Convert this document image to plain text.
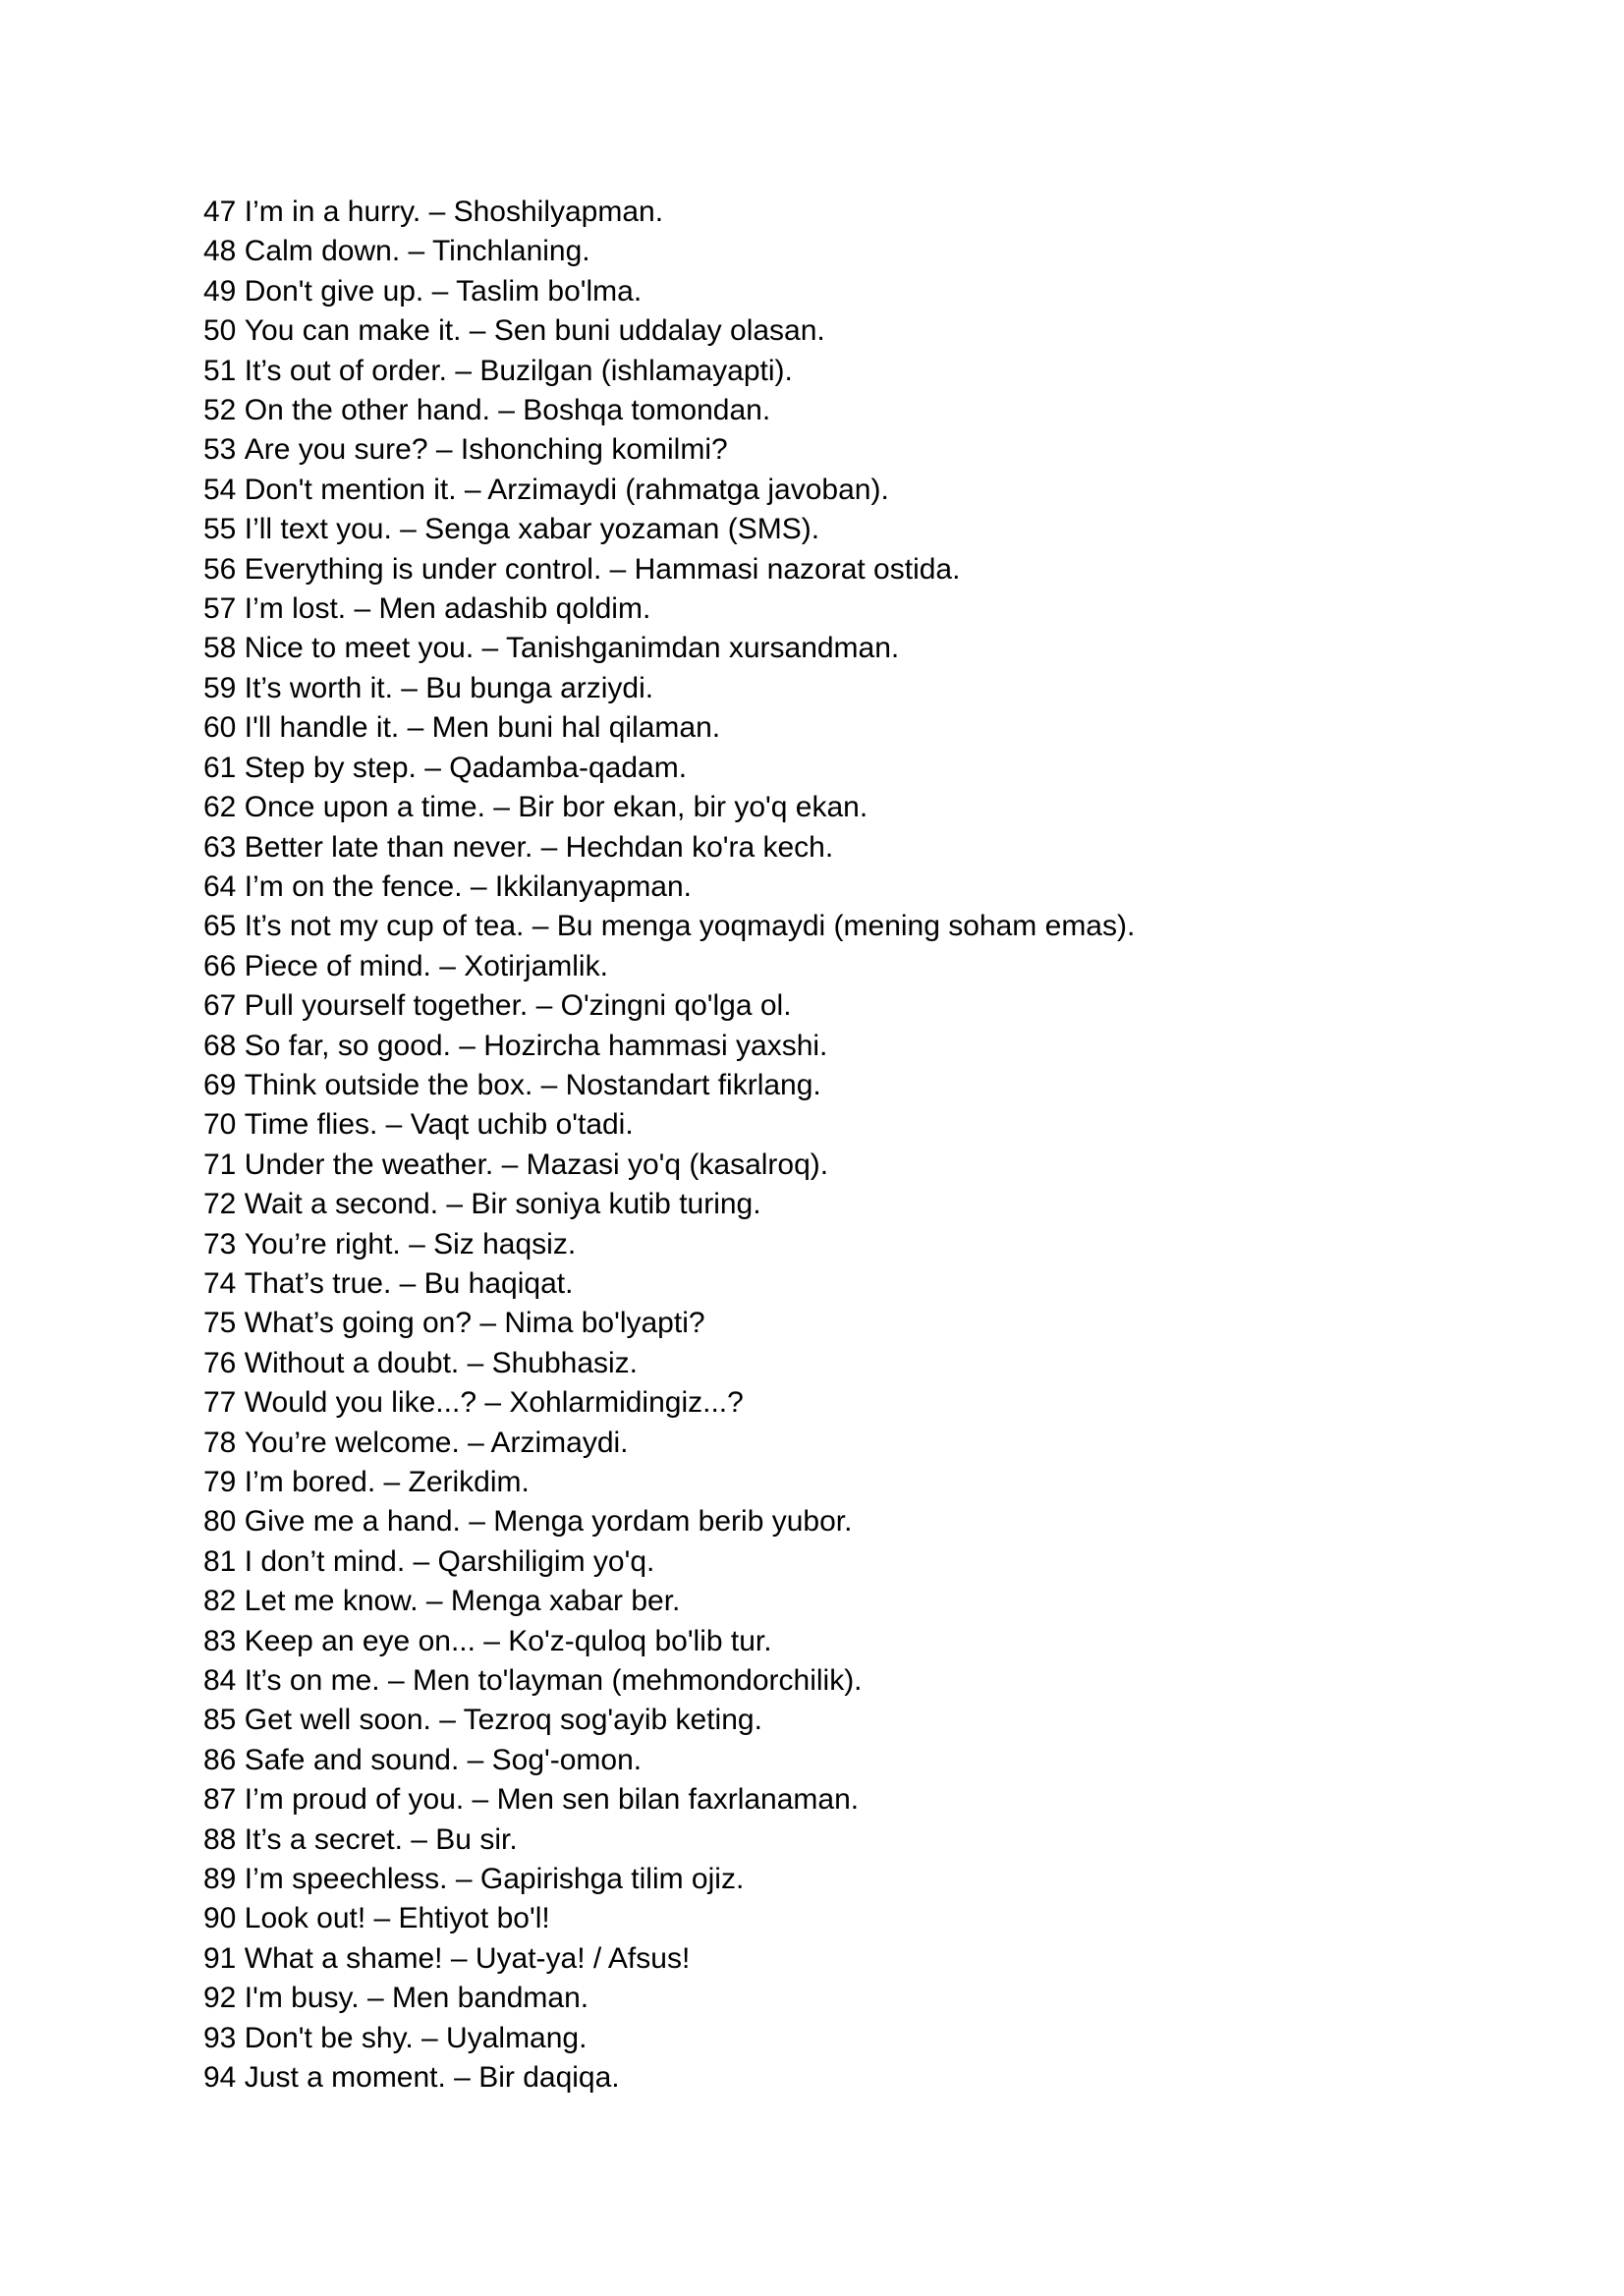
47 I’m in a hurry. – Shoshilyapman.
48 Calm down. – Tinchlaning.
49 Don't give up. – Taslim bo'lma.
50 You can make it. – Sen buni uddalay olasan.
51 It’s out of order. – Buzilgan (ishlamayapti).
52 On the other hand. – Boshqa tomondan.
53 Are you sure? – Ishonching komilmi?
54 Don't mention it. – Arzimaydi (rahmatga javoban).
55 I’ll text you. – Senga xabar yozaman (SMS).
56 Everything is under control. – Hammasi nazorat ostida.
57 I’m lost. – Men adashib qoldim.
58 Nice to meet you. – Tanishganimdan xursandman.
59 It’s worth it. – Bu bunga arziydi.
60 I'll handle it. – Men buni hal qilaman.
61 Step by step. – Qadamba-qadam.
62 Once upon a time. – Bir bor ekan, bir yo'q ekan.
63 Better late than never. – Hechdan ko'ra kech.
64 I’m on the fence. – Ikkilanyapman.
65 It’s not my cup of tea. – Bu menga yoqmaydi (mening soham emas).
66 Piece of mind. – Xotirjamlik.
67 Pull yourself together. – O'zingni qo'lga ol.
68 So far, so good. – Hozircha hammasi yaxshi.
69 Think outside the box. – Nostandart fikrlang.
70 Time flies. – Vaqt uchib o'tadi.
71 Under the weather. – Mazasi yo'q (kasalroq).
72 Wait a second. – Bir soniya kutib turing.
73 You’re right. – Siz haqsiz.
74 That’s true. – Bu haqiqat.
75 What’s going on? – Nima bo'lyapti?
76 Without a doubt. – Shubhasiz.
77 Would you like...? – Xohlarmidingiz...?
78 You’re welcome. – Arzimaydi.
79 I’m bored. – Zerikdim.
80 Give me a hand. – Menga yordam berib yubor.
81 I don’t mind. – Qarshiligim yo'q.
82 Let me know. – Menga xabar ber.
83 Keep an eye on... – Ko'z-quloq bo'lib tur.
84 It’s on me. – Men to'layman (mehmondorchilik).
85 Get well soon. – Tezroq sog'ayib keting.
86 Safe and sound. – Sog'-omon.
87 I’m proud of you. – Men sen bilan faxrlanaman.
88 It’s a secret. – Bu sir.
89 I’m speechless. – Gapirishga tilim ojiz.
90 Look out! – Ehtiyot bo'l!
91 What a shame! – Uyat-ya! / Afsus!
92 I'm busy. – Men bandman.
93 Don't be shy. – Uyalmang.
94 Just a moment. – Bir daqiqa.
